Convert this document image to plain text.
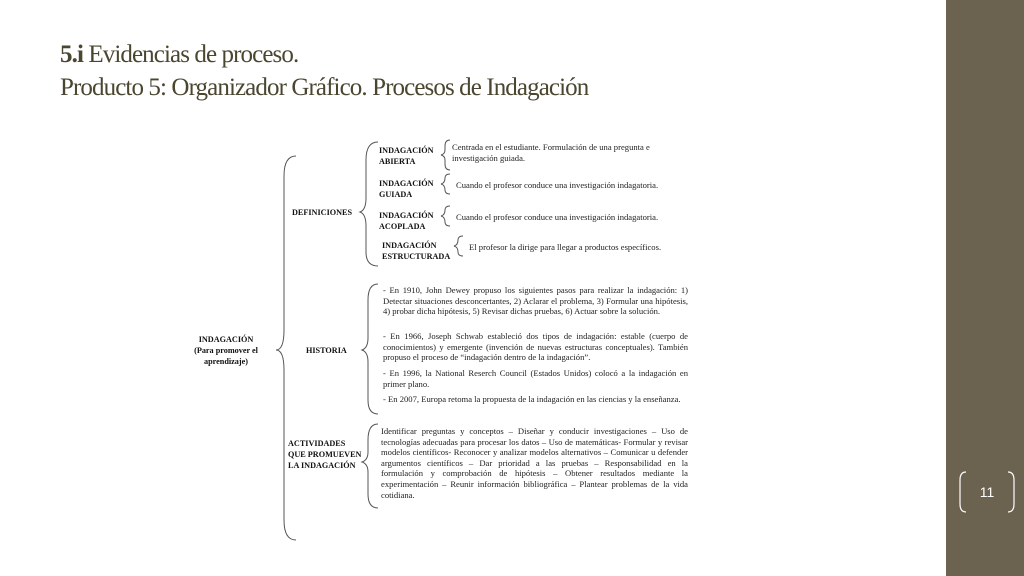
11
5.i Evidencias de proceso.
Producto 5: Organizador Gráfico. Procesos de Indagación
INDAGACIÓN
(Para promover el
aprendizaje)
DEFINICIONES
HISTORIA
ACTIVIDADES QUE PROMUEVEN LA INDAGACIÓN
INDAGACIÓN ABIERTA
INDAGACIÓN GUIADA
INDAGACIÓN ACOPLADA
INDAGACIÓN ESTRUCTURADA
Centrada en el estudiante. Formulación de una pregunta e investigación guiada.
Cuando el profesor conduce una investigación indagatoria.
Cuando el profesor conduce una investigación indagatoria.
El profesor la dirige para llegar a productos específicos.
- En 1910, John Dewey propuso los siguientes pasos para realizar la indagación: 1) Detectar situaciones desconcertantes, 2) Aclarar el problema, 3) Formular una hipótesis, 4) probar dicha hipótesis, 5) Revisar dichas pruebas, 6) Actuar sobre la solución.
- En 1966, Joseph Schwab estableció dos tipos de indagación: estable (cuerpo de conocimientos) y emergente (invención de nuevas estructuras conceptuales). También propuso el proceso de “indagación dentro de la indagación”.
- En 1996, la National Reserch Council (Estados Unidos) colocó a la indagación en primer plano.
- En 2007, Europa retoma la propuesta de la indagación en las ciencias y la enseñanza.
Identificar preguntas y conceptos – Diseñar y conducir investigaciones – Uso de tecnologías adecuadas para procesar los datos – Uso de matemáticas- Formular y revisar modelos científicos- Reconocer y analizar modelos alternativos – Comunicar u defender argumentos científicos – Dar prioridad a las pruebas – Responsabilidad en la formulación y comprobación de hipótesis – Obtener resultados mediante la experimentación – Reunir información bibliográfica – Plantear problemas de la vida cotidiana.
